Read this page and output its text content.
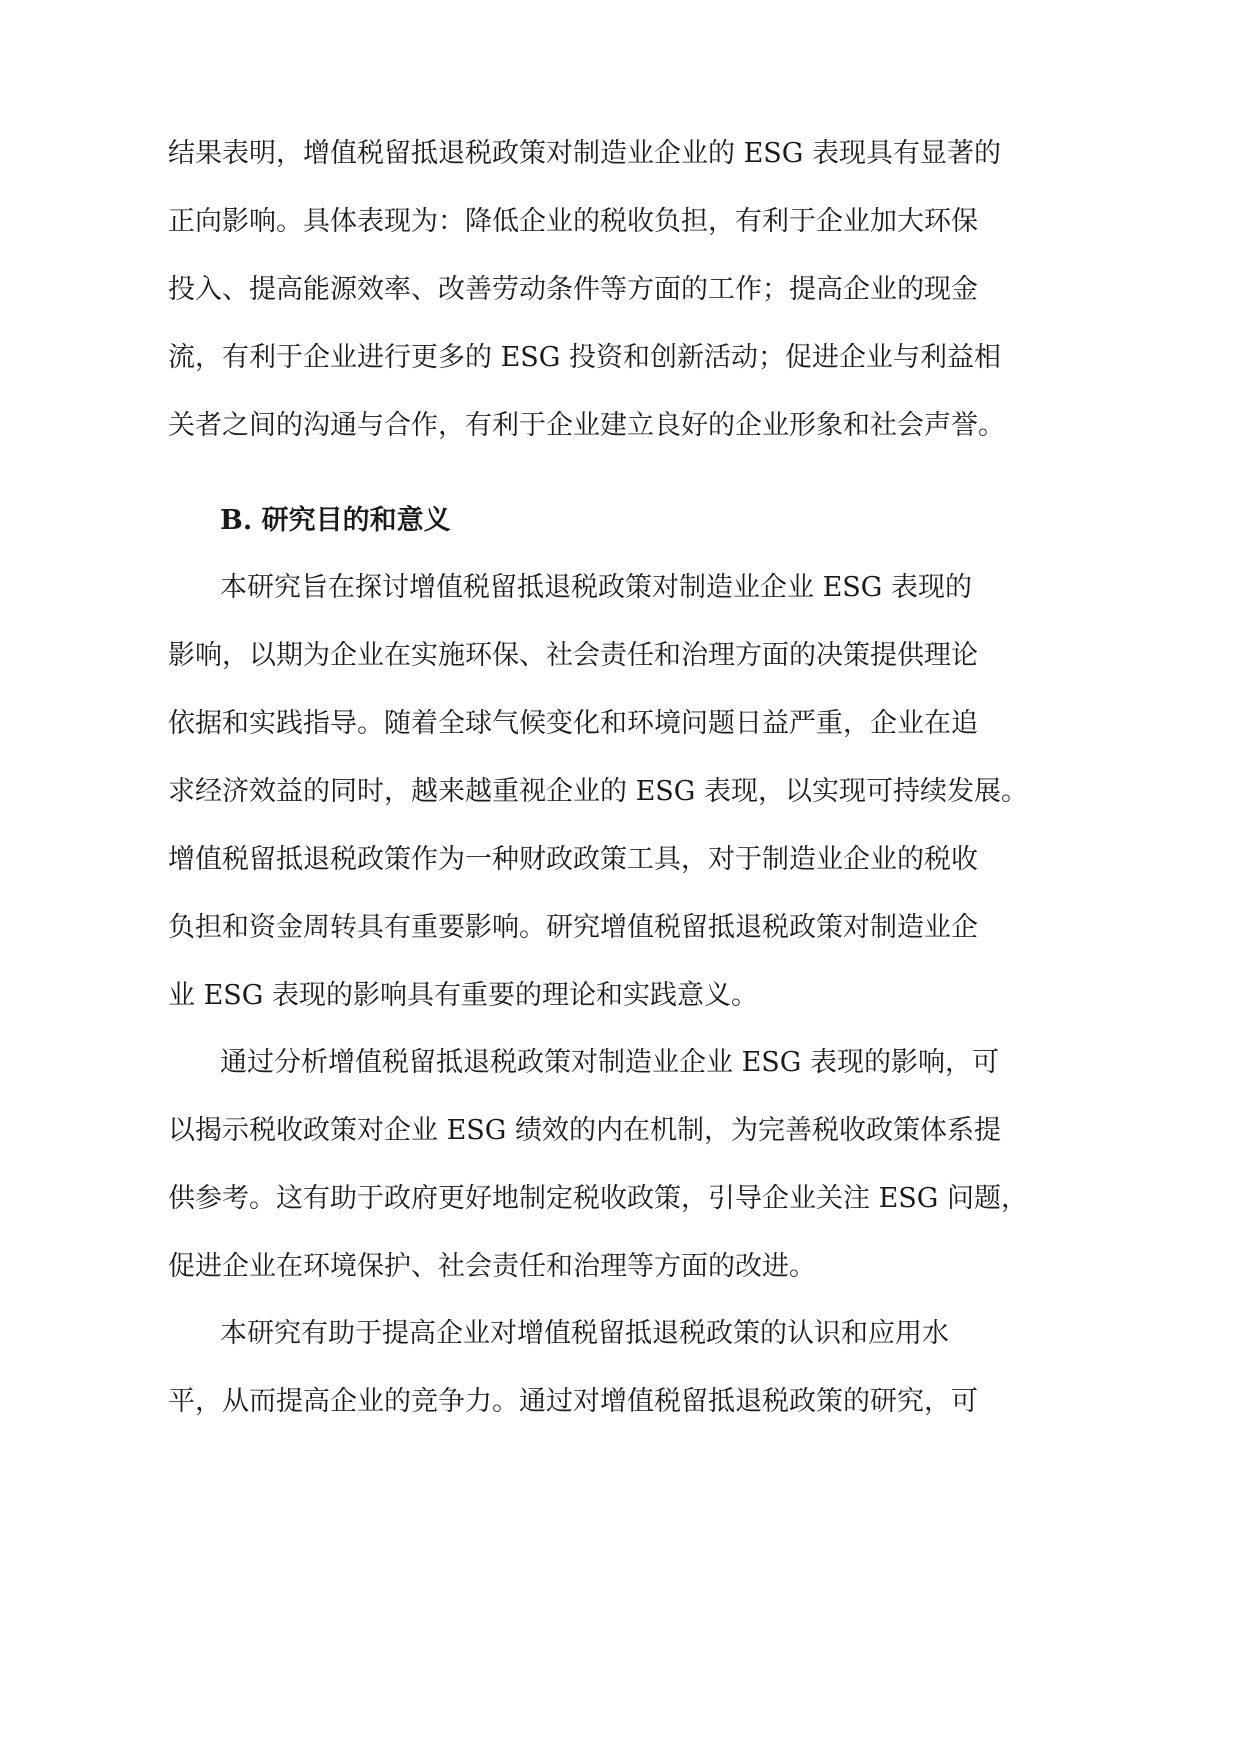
结果表明，增值税留抵退税政策对制造业企业的 ESG 表现具有显著的
正向影响。具体表现为：降低企业的税收负担，有利于企业加大环保
投入、提高能源效率、改善劳动条件等方面的工作；提高企业的现金
流，有利于企业进行更多的 ESG 投资和创新活动；促进企业与利益相
关者之间的沟通与合作，有利于企业建立良好的企业形象和社会声誉。
B. 研究目的和意义
本研究旨在探讨增值税留抵退税政策对制造业企业 ESG 表现的
影响，以期为企业在实施环保、社会责任和治理方面的决策提供理论
依据和实践指导。随着全球气候变化和环境问题日益严重，企业在追
求经济效益的同时，越来越重视企业的 ESG 表现，以实现可持续发展。
增值税留抵退税政策作为一种财政政策工具，对于制造业企业的税收
负担和资金周转具有重要影响。研究增值税留抵退税政策对制造业企
业 ESG 表现的影响具有重要的理论和实践意义。
通过分析增值税留抵退税政策对制造业企业 ESG 表现的影响，可
以揭示税收政策对企业 ESG 绩效的内在机制，为完善税收政策体系提
供参考。这有助于政府更好地制定税收政策，引导企业关注 ESG 问题，
促进企业在环境保护、社会责任和治理等方面的改进。
本研究有助于提高企业对增值税留抵退税政策的认识和应用水
平，从而提高企业的竞争力。通过对增值税留抵退税政策的研究，可
